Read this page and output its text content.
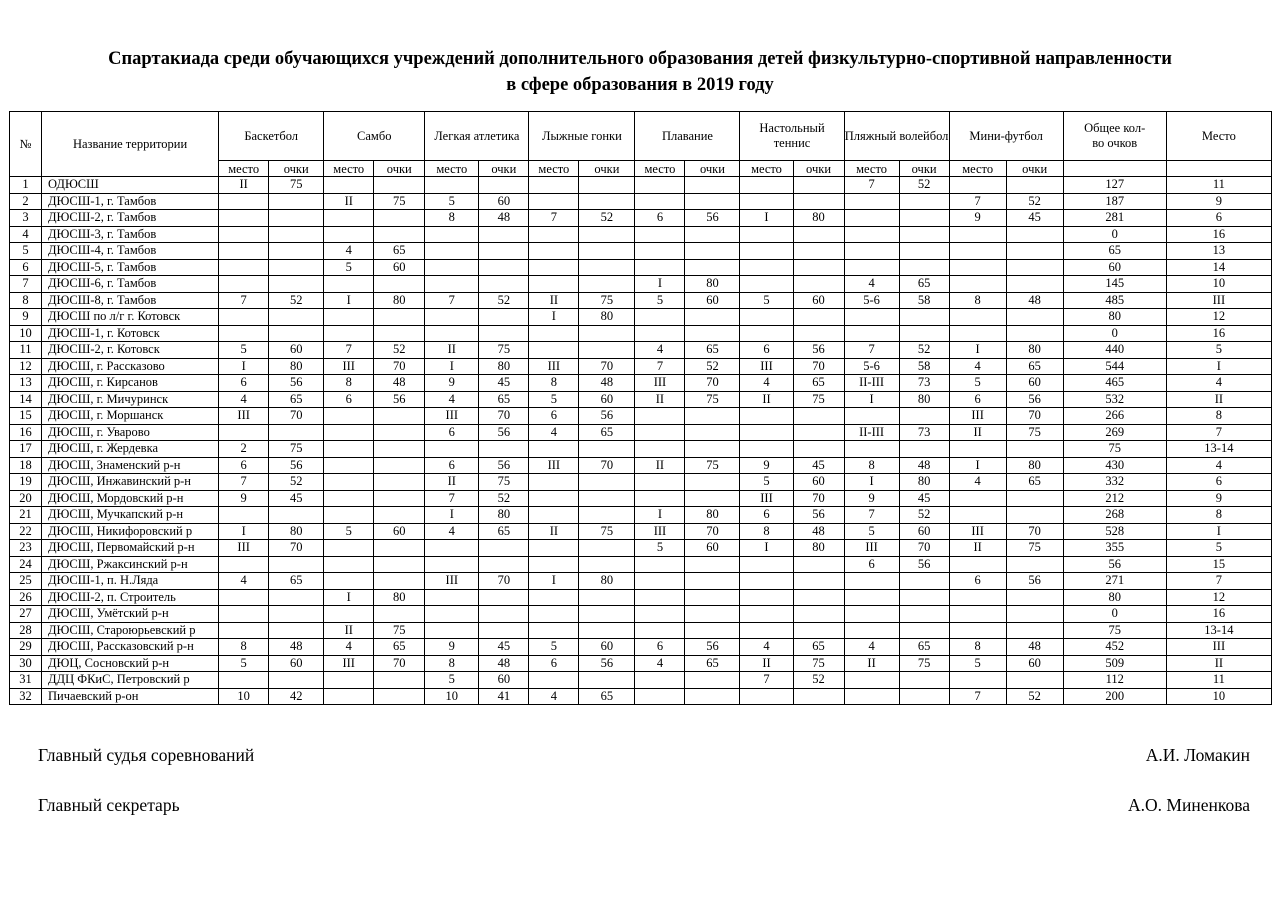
Спартакиада среди обучающихся учреждений дополнительного образования детей физкультурно-спортивной направленности
в сфере образования в 2019 году
№	Название территории	Баскетбол		Самбо		Легкая атлетика		Лыжные гонки		Плавание		Настольный теннис		Пляжный волейбол		Мини-футбол		Общее кол-во очков	Место
		место	очки	место	очки	место	очки	место	очки	место	очки	место	очки	место	очки	место	очки		
1	ОДЮСШ	II	75											7	52			127	11
2	ДЮСШ-1, г. Тамбов			II	75	5	60									7	52	187	9
3	ДЮСШ-2, г. Тамбов					8	48	7	52	6	56	I	80			9	45	281	6
4	ДЮСШ-3, г. Тамбов																	0	16
5	ДЮСШ-4, г. Тамбов			4	65													65	13
6	ДЮСШ-5, г. Тамбов			5	60													60	14
7	ДЮСШ-6, г. Тамбов									I	80			4	65			145	10
8	ДЮСШ-8, г. Тамбов	7	52	I	80	7	52	II	75	5	60	5	60	5-6	58	8	48	485	III
9	ДЮСШ по л/г г. Котовск							I	80									80	12
10	ДЮСШ-1, г. Котовск																	0	16
11	ДЮСШ-2, г. Котовск	5	60	7	52	II	75			4	65	6	56	7	52	I	80	440	5
12	ДЮСШ, г. Рассказово	I	80	III	70	I	80	III	70	7	52	III	70	5-6	58	4	65	544	I
13	ДЮСШ, г. Кирсанов	6	56	8	48	9	45	8	48	III	70	4	65	II-III	73	5	60	465	4
14	ДЮСШ, г. Мичуринск	4	65	6	56	4	65	5	60	II	75	II	75	I	80	6	56	532	II
15	ДЮСШ, г. Моршанск	III	70			III	70	6	56							III	70	266	8
16	ДЮСШ, г. Уварово					6	56	4	65					II-III	73	II	75	269	7
17	ДЮСШ, г. Жердевка	2	75															75	13-14
18	ДЮСШ, Знаменский р-н	6	56			6	56	III	70	II	75	9	45	8	48	I	80	430	4
19	ДЮСШ, Инжавинский р-н	7	52			II	75					5	60	I	80	4	65	332	6
20	ДЮСШ, Мордовский р-н	9	45			7	52					III	70	9	45			212	9
21	ДЮСШ, Мучкапский р-н					I	80			I	80	6	56	7	52			268	8
22	ДЮСШ, Никифоровский р	I	80	5	60	4	65	II	75	III	70	8	48	5	60	III	70	528	I
23	ДЮСШ, Первомайский р-н	III	70							5	60	I	80	III	70	II	75	355	5
24	ДЮСШ, Ржаксинский р-н													6	56			56	15
25	ДЮСШ-1, п. Н.Ляда	4	65			III	70	I	80							6	56	271	7
26	ДЮСШ-2, п. Строитель			I	80													80	12
27	ДЮСШ, Умётский р-н																	0	16
28	ДЮСШ, Староюрьевский р			II	75													75	13-14
29	ДЮСШ, Рассказовский р-н	8	48	4	65	9	45	5	60	6	56	4	65	4	65	8	48	452	III
30	ДЮЦ, Сосновский р-н	5	60	III	70	8	48	6	56	4	65	II	75	II	75	5	60	509	II
31	ДДЦ ФКиС, Петровский р					5	60					7	52					112	11
32	Пичаевский р-он	10	42			10	41	4	65							7	52	200	10
Главный судья соревнований	А.И. Ломакин
Главный секретарь	А.О. Миненкова
